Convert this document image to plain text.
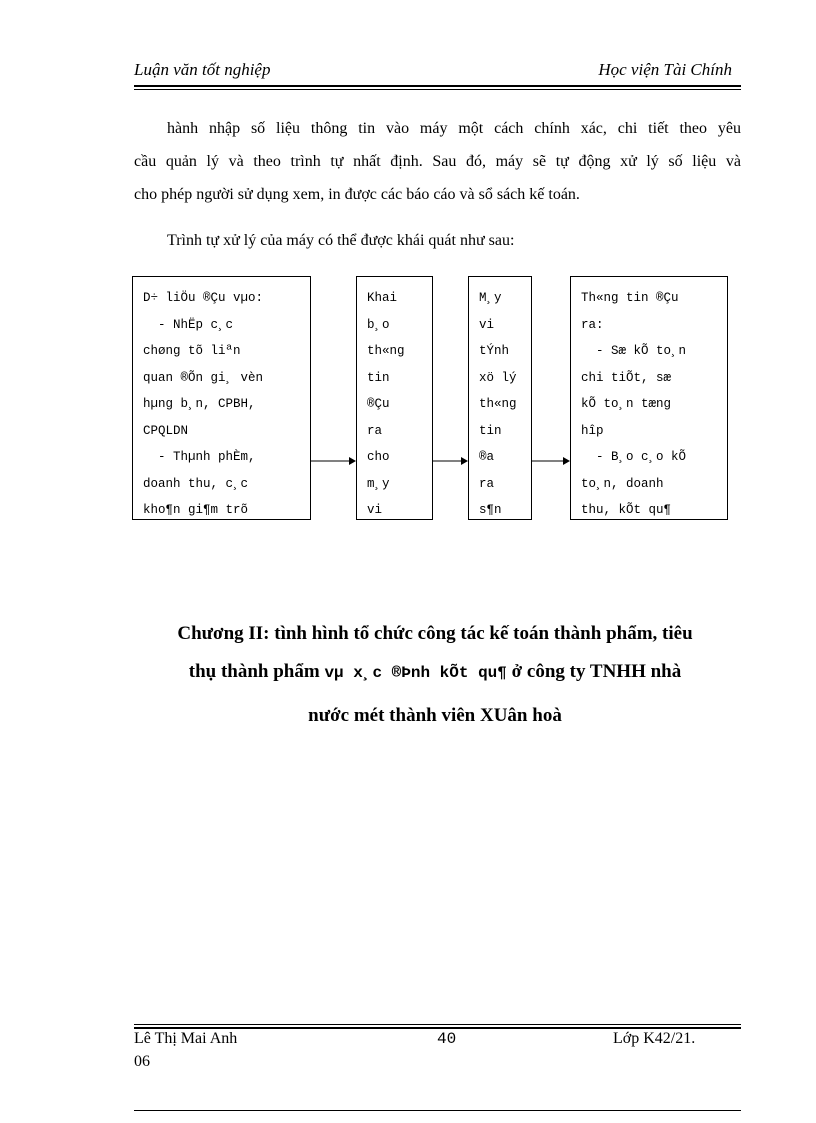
Luận văn tốt nghiệp	Học viện Tài Chính
hành nhập số liệu thông tin vào máy một cách chính xác, chi tiết theo yêu
cầu quản lý và theo trình tự nhất định. Sau đó, máy sẽ tự động xử lý số liệu và
cho phép người sử dụng xem, in được các báo cáo và sổ sách kế toán.
Trình tự xử lý của máy có thể được khái quát như sau:
D÷ liÖu ®Çu vµo:
- NhËp c¸c
chøng tõ liªn
quan ®Õn gi¸ vèn
hµng b¸n, CPBH,
CPQLDN
- Thµnh phÈm,
doanh thu, c¸c
kho¶n gi¶m trõ
Khai
b¸o
th«ng
tin
®Çu
ra
cho
m¸y
vi
M¸y
vi
tÝnh
xö lý
th«ng
tin
®a
ra
s¶n
Th«ng tin ®Çu
ra:
- Sæ kÕ to¸n
chi tiÕt, sæ
kÕ to¸n tæng
hîp
- B¸o c¸o kÕ
to¸n, doanh
thu, kÕt qu¶
Chương II: tình hình tổ chức công tác kế toán thành phẩm, tiêu
thụ thành phẩm vµ x¸c ®Þnh kÕt qu¶ ở công ty TNHH nhà
nước mét thành viên XUân hoà
Lê Thị Mai Anh
06
40	Lớp K42/21.
